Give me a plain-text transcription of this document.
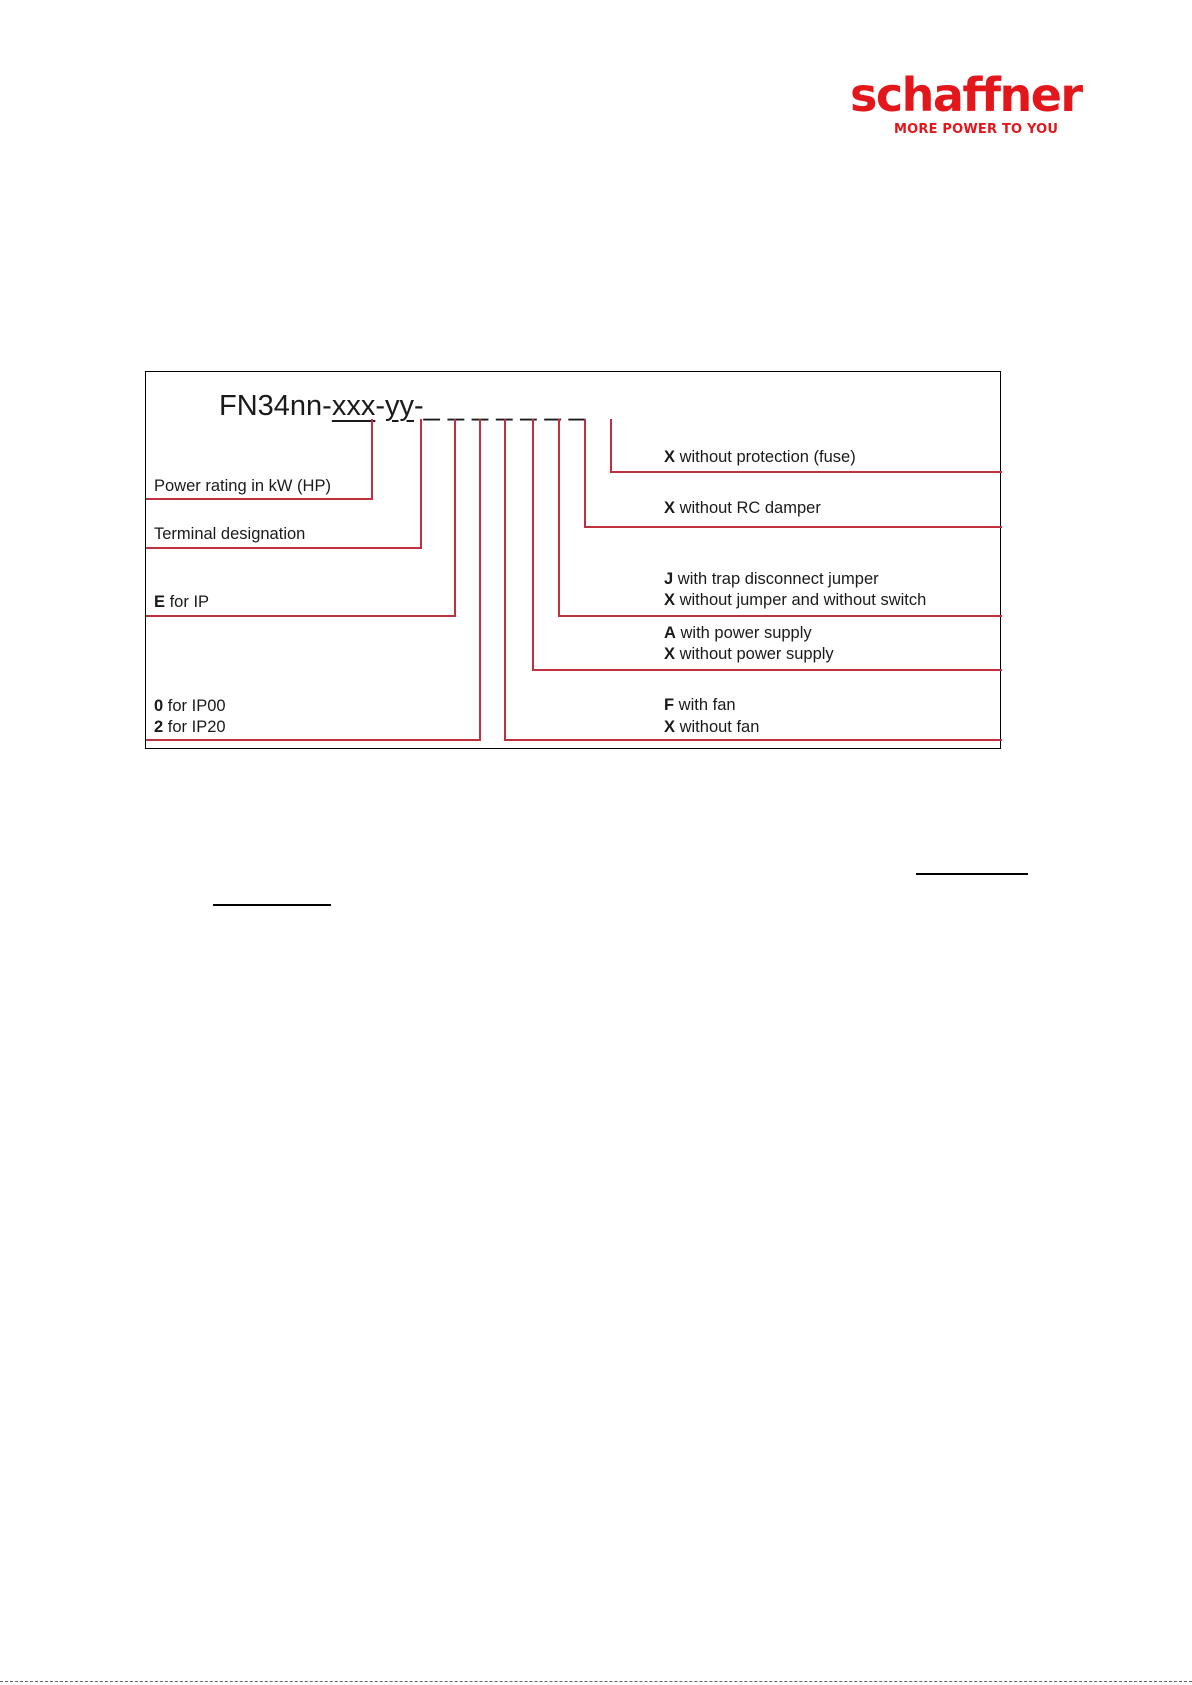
schaffner
MORE POWER TO YOU
FN34nn-xxx-yy-_ _ _ _ _ _ _
Power rating in kW (HP)
Terminal designation
E for IP
0 for IP00
2 for IP20
X without protection (fuse)
X without RC damper
J with trap disconnect jumper
X without jumper and without switch
A with power supply
X without power supply
F with fan
X without fan
